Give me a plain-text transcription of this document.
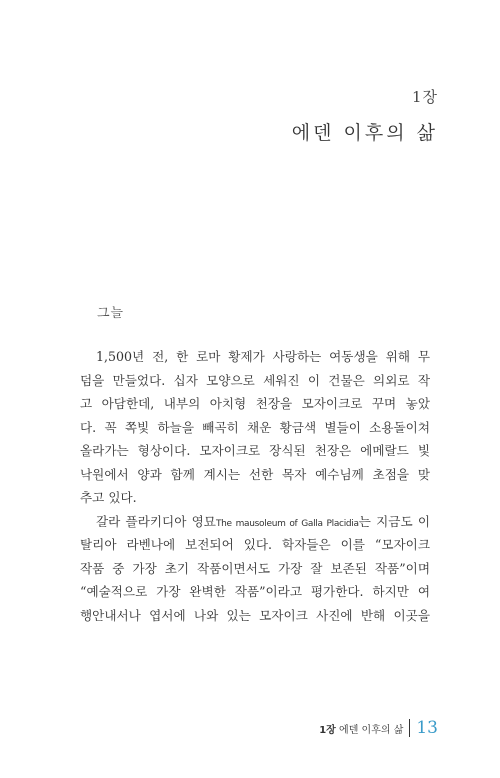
1장
에덴 이후의 삶
그늘
1,500년 전, 한 로마 황제가 사랑하는 여동생을 위해 무
덤을 만들었다. 십자 모양으로 세워진 이 건물은 의외로 작
고 아담한데, 내부의 아치형 천장을 모자이크로 꾸며 놓았
다. 꼭 쪽빛 하늘을 빼곡히 채운 황금색 별들이 소용돌이쳐
올라가는 형상이다. 모자이크로 장식된 천장은 에메랄드 빛
낙원에서 양과 함께 계시는 선한 목자 예수님께 초점을 맞
추고 있다.
갈라 플라키디아 영묘The mausoleum of Galla Placidia는 지금도 이
탈리아 라벤나에 보전되어 있다. 학자들은 이를 “모자이크
작품 중 가장 초기 작품이면서도 가장 잘 보존된 작품”이며
“예술적으로 가장 완벽한 작품”이라고 평가한다. 하지만 여
행안내서나 엽서에 나와 있는 모자이크 사진에 반해 이곳을
1장 에덴 이후의 삶 13
